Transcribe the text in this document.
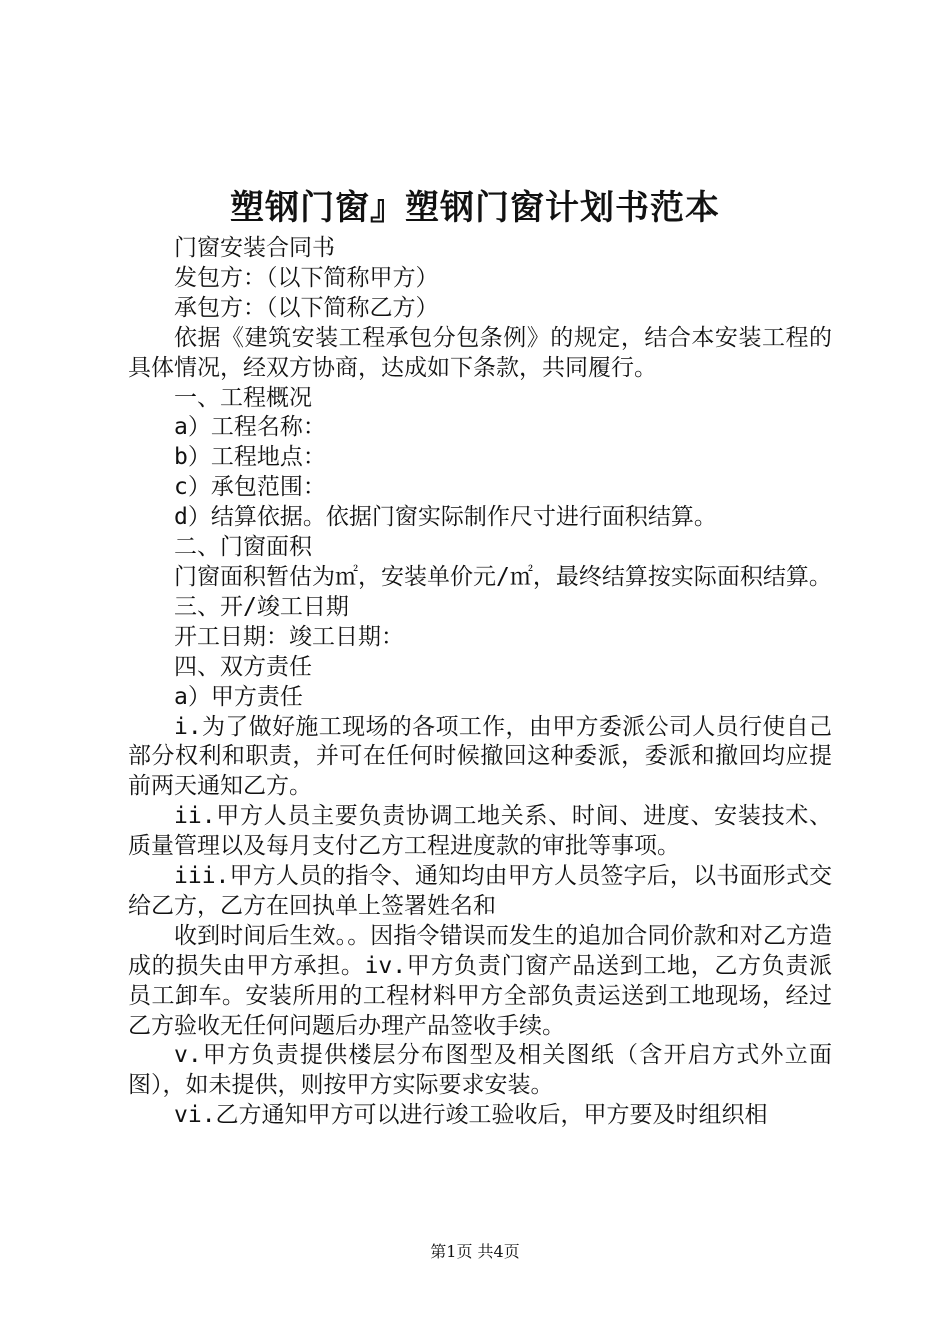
塑钢门窗』塑钢门窗计划书范本

门窗安装合同书

发包方：（以下简称甲方）

承包方：（以下简称乙方）

依据《建筑安装工程承包分包条例》的规定，结合本安装工程的具体情况，经双方协商，达成如下条款，共同履行。

一、工程概况

a）工程名称：

b）工程地点：

c）承包范围：

d）结算依据。依据门窗实际制作尺寸进行面积结算。

二、门窗面积

门窗面积暂估为㎡，安装单价元/㎡，最终结算按实际面积结算。

三、开/竣工日期

开工日期：竣工日期：

四、双方责任

a）甲方责任

i.为了做好施工现场的各项工作，由甲方委派公司人员行使自己部分权利和职责，并可在任何时候撤回这种委派，委派和撤回均应提前两天通知乙方。

ii.甲方人员主要负责协调工地关系、时间、进度、安装技术、质量管理以及每月支付乙方工程进度款的审批等事项。

iii.甲方人员的指令、通知均由甲方人员签字后，以书面形式交给乙方，乙方在回执单上签署姓名和

收到时间后生效。。因指令错误而发生的追加合同价款和对乙方造成的损失由甲方承担。iv.甲方负责门窗产品送到工地，乙方负责派员工卸车。安装所用的工程材料甲方全部负责运送到工地现场，经过乙方验收无任何问题后办理产品签收手续。

v.甲方负责提供楼层分布图型及相关图纸（含开启方式外立面图），如未提供，则按甲方实际要求安装。

vi.乙方通知甲方可以进行竣工验收后，甲方要及时组织相

第1页 共4页
